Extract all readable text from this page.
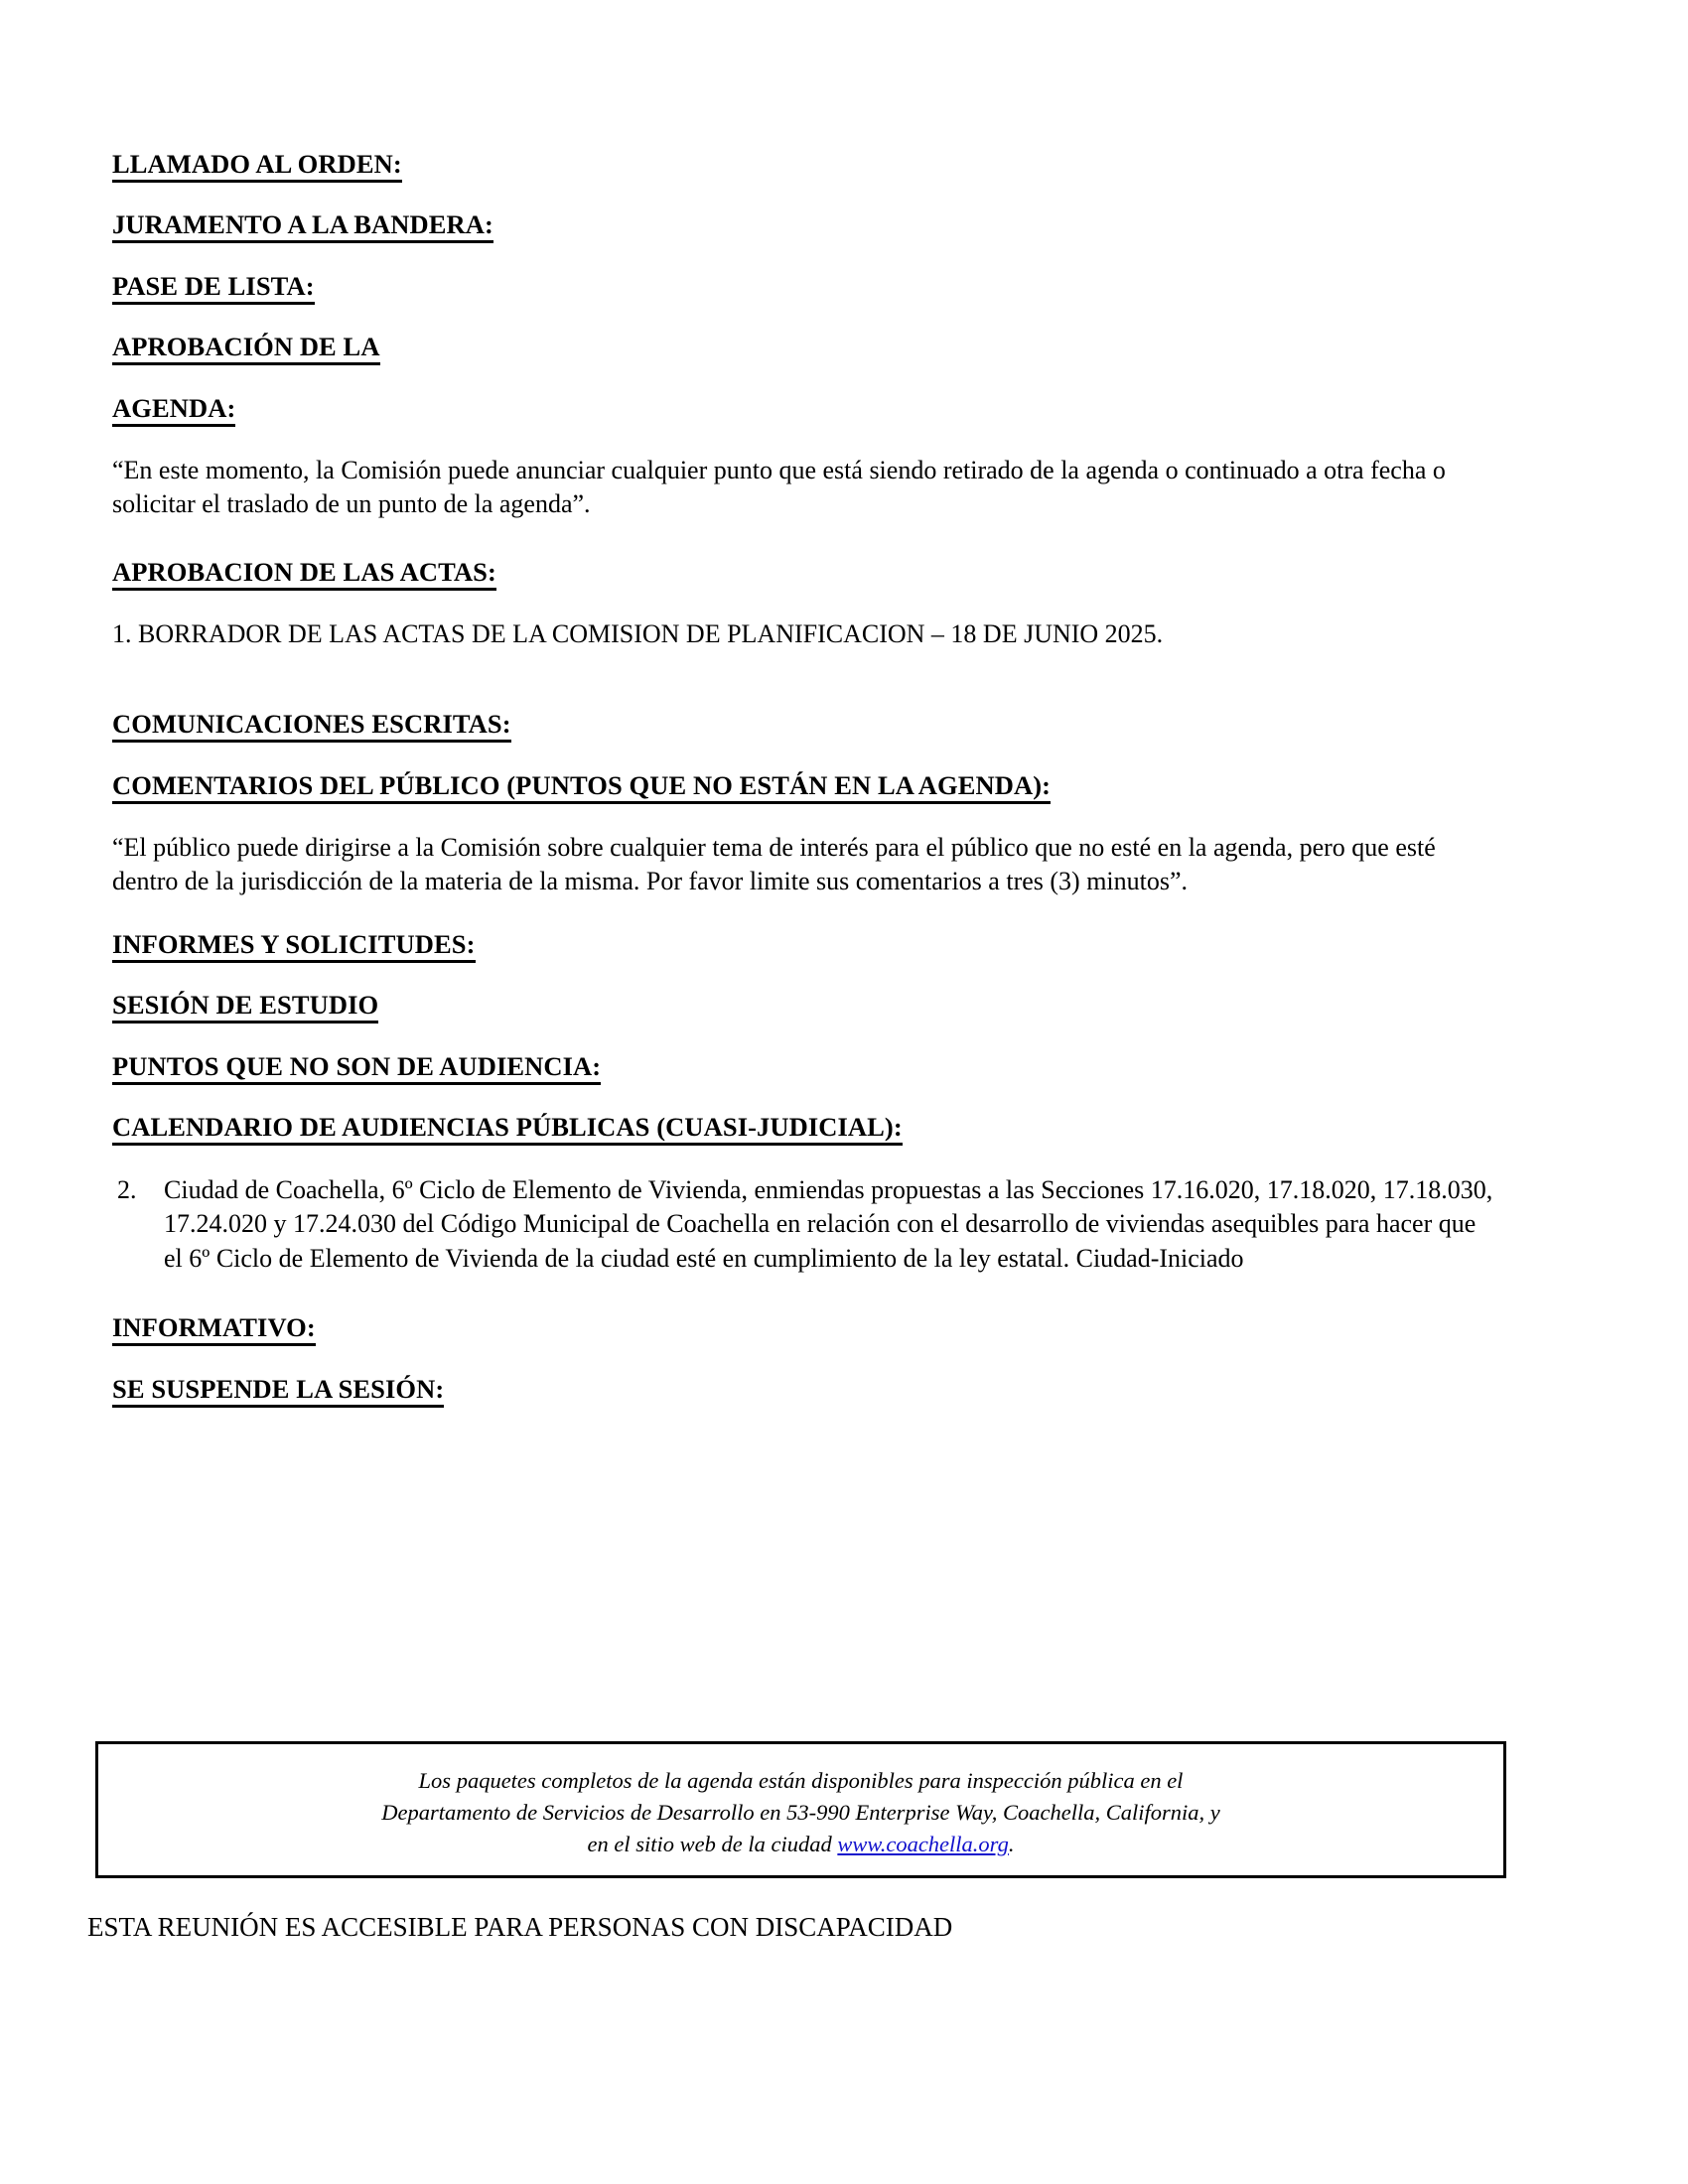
LLAMADO AL ORDEN:

JURAMENTO A LA BANDERA:

PASE DE LISTA:

APROBACIÓN DE LA

AGENDA:

“En este momento, la Comisión puede anunciar cualquier punto que está siendo retirado de la agenda o continuado a otra fecha o solicitar el traslado de un punto de la agenda”.

APROBACION DE LAS ACTAS:

1. BORRADOR DE LAS ACTAS DE LA COMISION DE PLANIFICACION – 18 DE JUNIO 2025.

COMUNICACIONES ESCRITAS:

COMENTARIOS DEL PÚBLICO (PUNTOS QUE NO ESTÁN EN LA AGENDA):

“El público puede dirigirse a la Comisión sobre cualquier tema de interés para el público que no esté en la agenda, pero que esté dentro de la jurisdicción de la materia de la misma. Por favor limite sus comentarios a tres (3) minutos”.

INFORMES Y SOLICITUDES:

SESIÓN DE ESTUDIO

PUNTOS QUE NO SON DE AUDIENCIA:

CALENDARIO DE AUDIENCIAS PÚBLICAS (CUASI-JUDICIAL):

2. Ciudad de Coachella, 6º Ciclo de Elemento de Vivienda, enmiendas propuestas a las Secciones 17.16.020, 17.18.020, 17.18.030, 17.24.020 y 17.24.030 del Código Municipal de Coachella en relación con el desarrollo de viviendas asequibles para hacer que el 6º Ciclo de Elemento de Vivienda de la ciudad esté en cumplimiento de la ley estatal. Ciudad-Iniciado

INFORMATIVO:

SE SUSPENDE LA SESIÓN:

Los paquetes completos de la agenda están disponibles para inspección pública en el
Departamento de Servicios de Desarrollo en 53-990 Enterprise Way, Coachella, California, y
en el sitio web de la ciudad www.coachella.org.
ESTA REUNIÓN ES ACCESIBLE PARA PERSONAS CON DISCAPACIDAD
